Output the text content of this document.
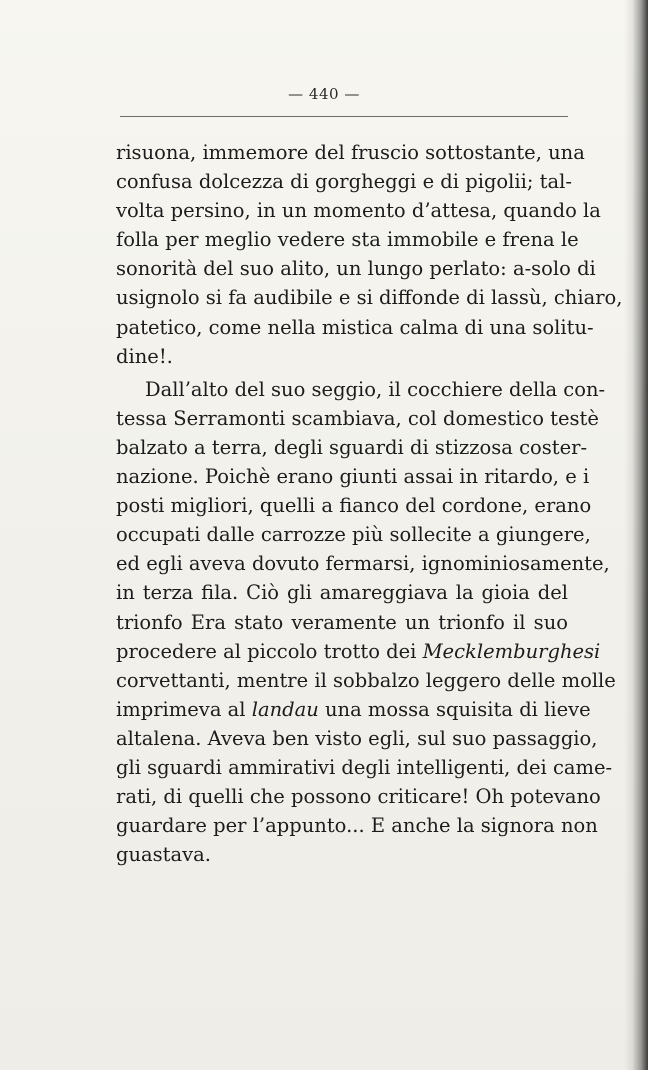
— 440 —

risuona, immemore del fruscio sottostante, una
confusa dolcezza di gorgheggi e di pigolii; tal-
volta persino, in un momento d’attesa, quando la
folla per meglio vedere sta immobile e frena le
sonorità del suo alito, un lungo perlato: a-solo di
usignolo si fa audibile e si diffonde di lassù, chiaro,
patetico, come nella mistica calma di una solitu-
dine!.

Dall’alto del suo seggio, il cocchiere della con-
tessa Serramonti scambiava, col domestico testè
balzato a terra, degli sguardi di stizzosa coster-
nazione. Poichè erano giunti assai in ritardo, e i
posti migliori, quelli a fianco del cordone, erano
occupati dalle carrozze più sollecite a giungere,
ed egli aveva dovuto fermarsi, ignominiosamente,
in terza fila. Ciò gli amareggiava la gioia del
trionfo Era stato veramente un trionfo il suo
procedere al piccolo trotto dei Mecklemburghesi
corvettanti, mentre il sobbalzo leggero delle molle
imprimeva al landau una mossa squisita di lieve
altalena. Aveva ben visto egli, sul suo passaggio,
gli sguardi ammirativi degli intelligenti, dei came-
rati, di quelli che possono criticare! Oh potevano
guardare per l’appunto... E anche la signora non
guastava.
